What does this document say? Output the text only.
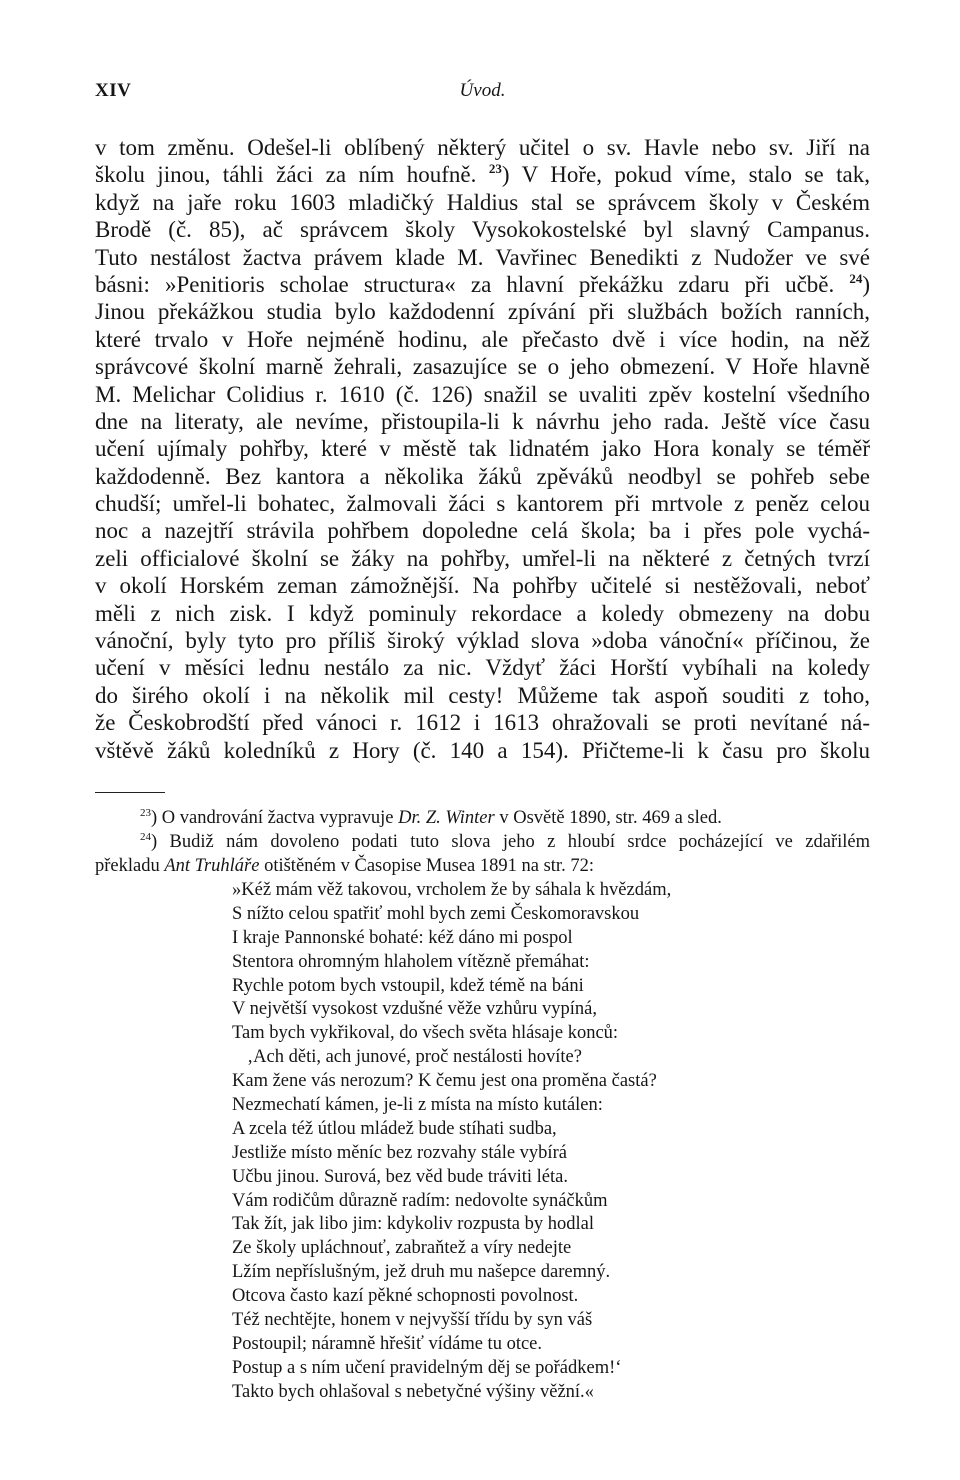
XIV	Úvod.
v tom změnu. Odešel-li oblíbený některý učitel o sv. Havle nebo sv. Jiří na
školu jinou, táhli žáci za ním houfně. $^{23}$) V Hoře, pokud víme, stalo se tak,
když na jaře roku 1603 mladičký Haldius stal se správcem školy v Českém
Brodě (č. 85), ač správcem školy Vysokokostelské byl slavný Campanus.
Tuto nestálost žactva právem klade M. Vavřinec Benedikti z Nudožer ve své
básni: »Penitioris scholae structura« za hlavní překážku zdaru při učbě. $^{24}$)
Jinou překážkou studia bylo každodenní zpívání při službách božích ranních,
které trvalo v Hoře nejméně hodinu, ale přečasto dvě i více hodin, na něž
správcové školní marně žehrali, zasazujíce se o jeho obmezení. V Hoře hlavně
M. Melichar Colidius r. 1610 (č. 126) snažil se uvaliti zpěv kostelní všedního
dne na literaty, ale nevíme, přistoupila-li k návrhu jeho rada. Ještě více času
učení ujímaly pohřby, které v městě tak lidnatém jako Hora konaly se téměř
každodenně. Bez kantora a několika žáků zpěváků neodbyl se pohřeb sebe
chudší; umřel-li bohatec, žalmovali žáci s kantorem při mrtvole z peněz celou
noc a nazejtří strávila pohřbem dopoledne celá škola; ba i přes pole vychá-
zeli officialové školní se žáky na pohřby, umřel-li na některé z četných tvrzí
v okolí Horském zeman zámožnější. Na pohřby učitelé si nestěžovali, neboť
měli z nich zisk. I když pominuly rekordace a koledy obmezeny na dobu
vánoční, byly tyto pro příliš široký výklad slova »doba vánoční« příčinou, že
učení v měsíci lednu nestálo za nic. Vždyť žáci Horští vybíhali na koledy
do širého okolí i na několik mil cesty! Můžeme tak aspoň souditi z toho,
že Českobrodští před vánoci r. 1612 i 1613 ohražovali se proti nevítané ná-
vštěvě žáků koledníků z Hory (č. 140 a 154). Přičteme-li k času pro školu
$^{23}$) O vandrování žactva vypravuje Dr. Z. Winter v Osvětě 1890, str. 469 a sled.
$^{24}$) Budiž nám dovoleno podati tuto slova jeho z hloubí srdce pocházející ve zdařilém
překladu Ant Truhláře otištěném v Časopise Musea 1891 na str. 72:
»Kéž mám věž takovou, vrcholem že by sáhala k hvězdám,
S nížto celou spatřiť mohl bych zemi Českomoravskou
I kraje Pannonské bohaté: kéž dáno mi pospol
Stentora ohromným hlaholem vítězně přemáhat:
Rychle potom bych vstoupil, kdež témě na báni
V největší vysokost vzdušné věže vzhůru vypíná,
Tam bych vykřikoval, do všech světa hlásaje konců:
‚Ach děti, ach junové, proč nestálosti hovíte?
Kam žene vás nerozum? K čemu jest ona proměna častá?
Nezmechatí kámen, je-li z místa na místo kutálen:
A zcela též útlou mládež bude stíhati sudba,
Jestliže místo měníc bez rozvahy stále vybírá
Učbu jinou. Surová, bez věd bude tráviti léta.
Vám rodičům důrazně radím: nedovolte synáčkům
Tak žít, jak libo jim: kdykoliv rozpusta by hodlal
Ze školy upláchnouť, zabraňtež a víry nedejte
Lžím nepříslušným, jež druh mu našepce daremný.
Otcova často kazí pěkné schopnosti povolnost.
Též nechtějte, honem v nejvyšší třídu by syn váš
Postoupil; náramně hřešiť vídáme tu otce.
Postup a s ním učení pravidelným děj se pořádkem!‘
Takto bych ohlašoval s nebetyčné výšiny věžní.«
